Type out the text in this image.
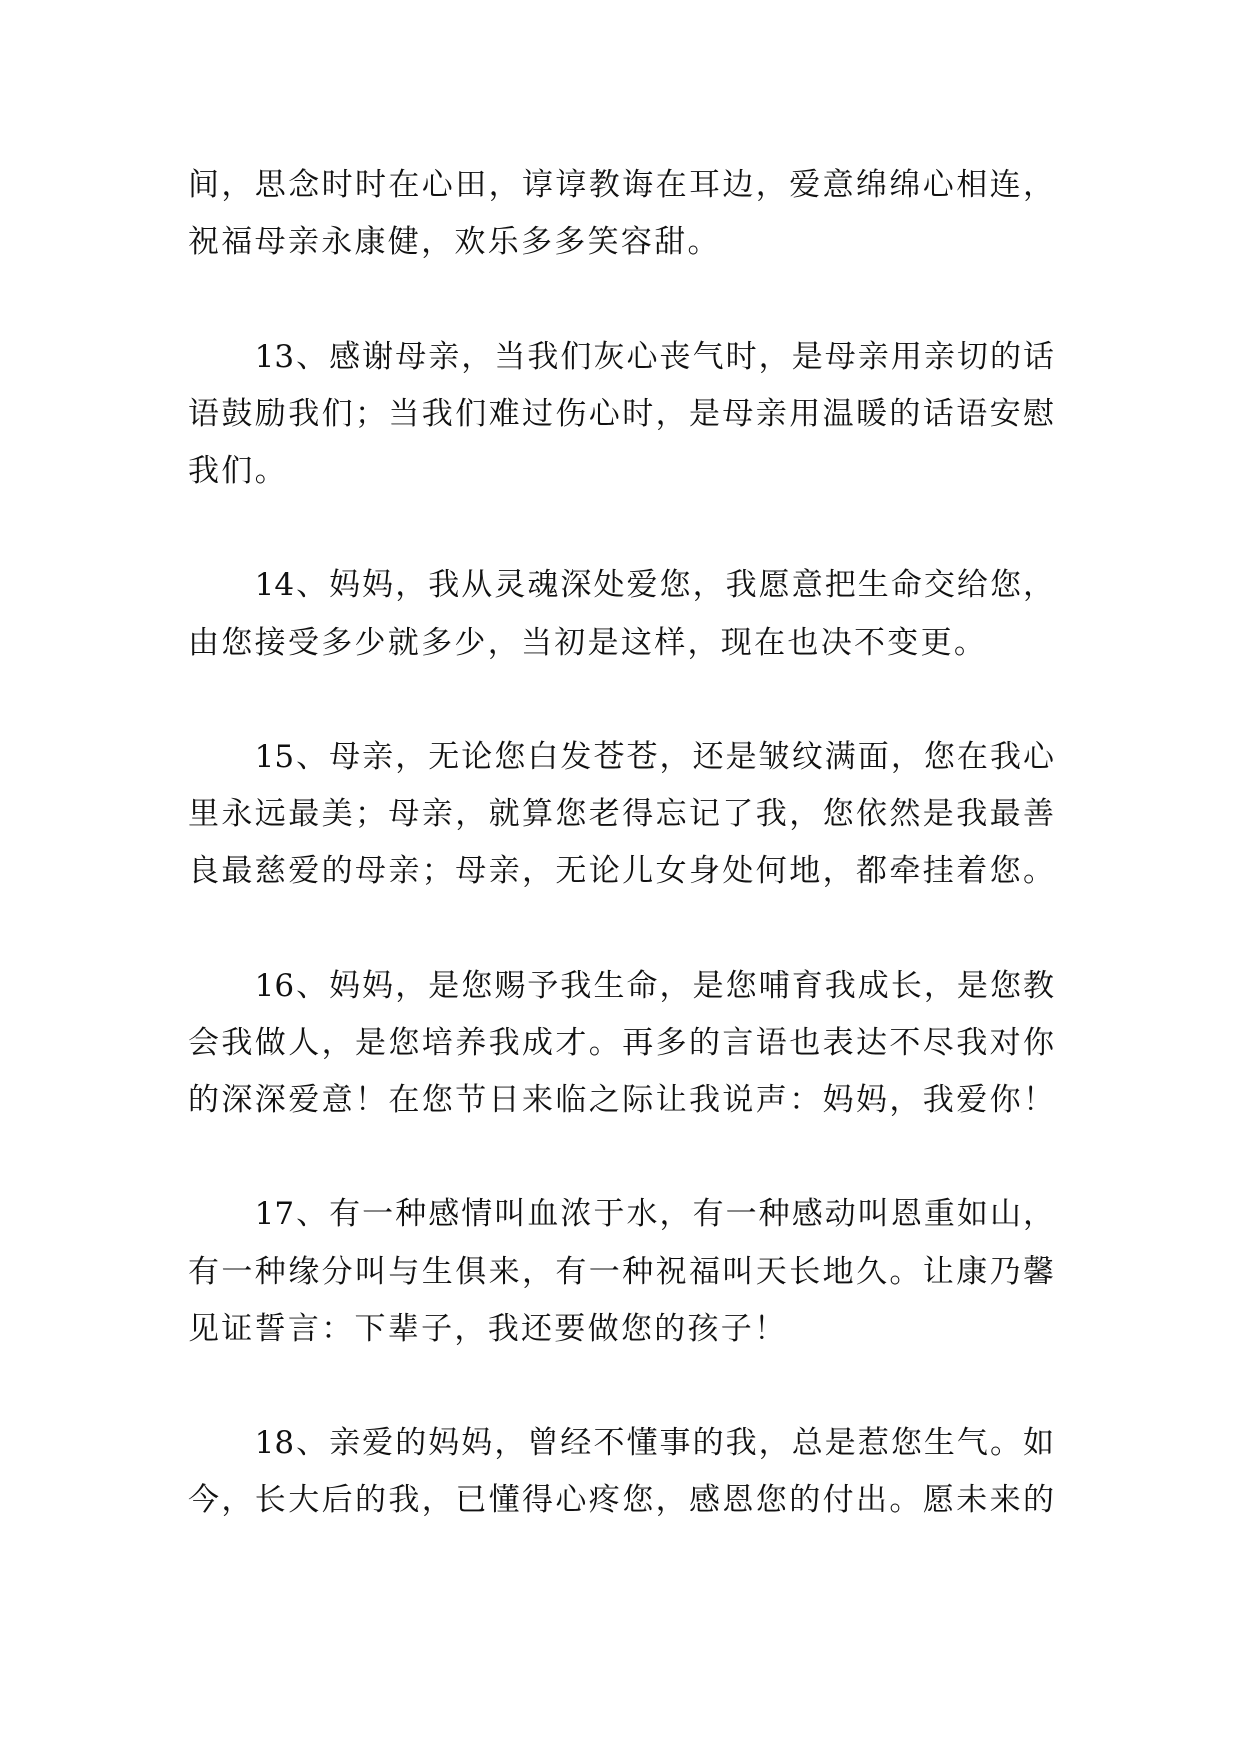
间，思念时时在心田，谆谆教诲在耳边，爱意绵绵心相连，
祝福母亲永康健，欢乐多多笑容甜。
13、感谢母亲，当我们灰心丧气时，是母亲用亲切的话
语鼓励我们；当我们难过伤心时，是母亲用温暖的话语安慰
我们。
14、妈妈，我从灵魂深处爱您，我愿意把生命交给您，
由您接受多少就多少，当初是这样，现在也决不变更。
15、母亲，无论您白发苍苍，还是皱纹满面，您在我心
里永远最美；母亲，就算您老得忘记了我，您依然是我最善
良最慈爱的母亲；母亲，无论儿女身处何地，都牵挂着您。
16、妈妈，是您赐予我生命，是您哺育我成长，是您教
会我做人，是您培养我成才。再多的言语也表达不尽我对你
的深深爱意！在您节日来临之际让我说声：妈妈，我爱你！
17、有一种感情叫血浓于水，有一种感动叫恩重如山，
有一种缘分叫与生俱来，有一种祝福叫天长地久。让康乃馨
见证誓言：下辈子，我还要做您的孩子！
18、亲爱的妈妈，曾经不懂事的我，总是惹您生气。如
今，长大后的我，已懂得心疼您，感恩您的付出。愿未来的
